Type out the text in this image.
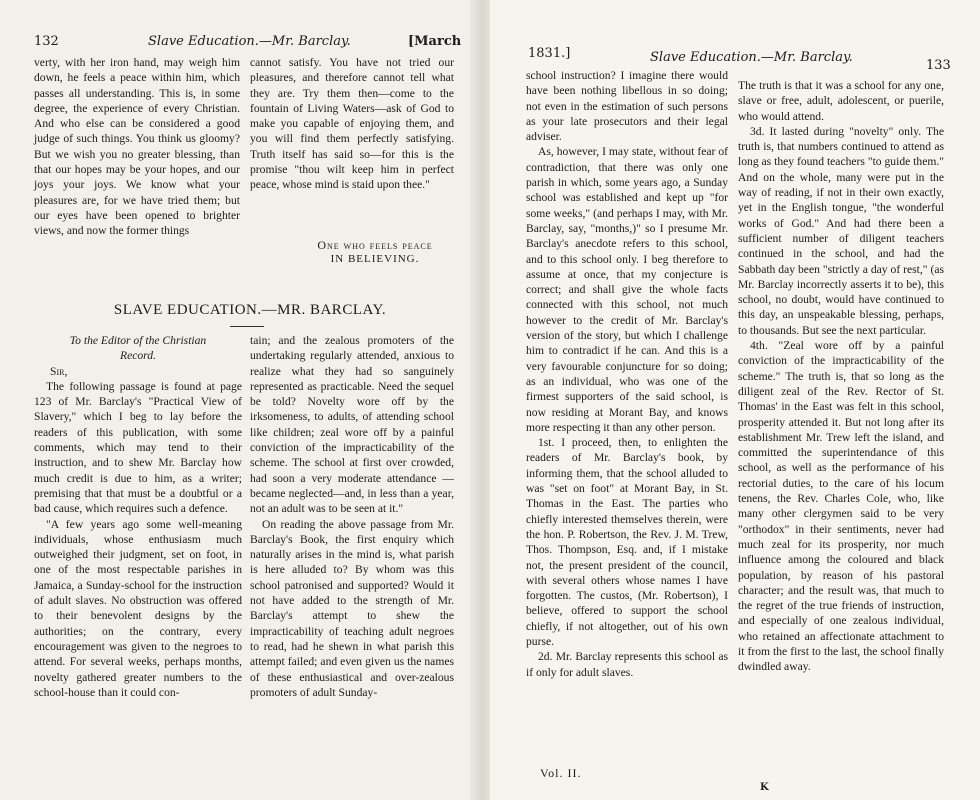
132	Slave Education.—Mr. Barclay.	[March

verty, with her iron hand, may weigh him down, he feels a peace within him, which passes all understanding. This is, in some degree, the experience of every Christian. And who else can be considered a good judge of such things. You think us gloomy? But we wish you no greater blessing, than that our hopes may be your hopes, and our joys your joys. We know what your pleasures are, for we have tried them; but our eyes have been opened to brighter views, and now the former things

cannot satisfy. You have not tried our pleasures, and therefore cannot tell what they are. Try them then—come to the fountain of Living Waters—ask of God to make you capable of enjoying them, and you will find them perfectly satisfying. Truth itself has said so—for this is the promise "thou wilt keep him in perfect peace, whose mind is staid upon thee."

One who feels peace
IN BELIEVING.
SLAVE EDUCATION.—MR. BARCLAY.

To the Editor of the Christian

Record.

Sir,

The following passage is found at page 123 of Mr. Barclay's "Practical View of Slavery," which I beg to lay before the readers of this publication, with some comments, which may tend to their instruction, and to shew Mr. Barclay how much credit is due to him, as a writer; premising that that must be a doubtful or a bad cause, which requires such a defence.

"A few years ago some well-meaning individuals, whose enthusiasm much outweighed their judgment, set on foot, in one of the most respectable parishes in Jamaica, a Sunday-school for the instruction of adult slaves. No obstruction was offered to their benevolent designs by the authorities; on the contrary, every encouragement was given to the negroes to attend. For several weeks, perhaps months, novelty gathered greater numbers to the school-house than it could con-

tain; and the zealous promoters of the undertaking regularly attended, anxious to realize what they had so sanguinely represented as practicable. Need the sequel be told? Novelty wore off by the irksomeness, to adults, of attending school like children; zeal wore off by a painful conviction of the impracticability of the scheme. The school at first over crowded, had soon a very moderate attendance — became neglected—and, in less than a year, not an adult was to be seen at it."

On reading the above passage from Mr. Barclay's Book, the first enquiry which naturally arises in the mind is, what parish is here alluded to? By whom was this school patronised and supported? Would it not have added to the strength of Mr. Barclay's attempt to shew the impracticability of teaching adult negroes to read, had he shewn in what parish this attempt failed; and even given us the names of these enthusiastical and over-zealous promoters of adult Sunday-

1831.]	Slave Education.—Mr. Barclay.
133

school instruction? I imagine there would have been nothing libellous in so doing; not even in the estimation of such persons as your late prosecutors and their legal adviser.

As, however, I may state, without fear of contradiction, that there was only one parish in which, some years ago, a Sunday school was established and kept up "for some weeks," (and perhaps I may, with Mr. Barclay, say, "months,)" so I presume Mr. Barclay's anecdote refers to this school, and to this school only. I beg therefore to assume at once, that my conjecture is correct; and shall give the whole facts connected with this school, not much however to the credit of Mr. Barclay's version of the story, but which I challenge him to contradict if he can. And this is a very favourable conjuncture for so doing; as an individual, who was one of the firmest supporters of the said school, is now residing at Morant Bay, and knows more respecting it than any other person.

1st. I proceed, then, to enlighten the readers of Mr. Barclay's book, by informing them, that the school alluded to was "set on foot" at Morant Bay, in St. Thomas in the East. The parties who chiefly interested themselves therein, were the hon. P. Robertson, the Rev. J. M. Trew, Thos. Thompson, Esq. and, if I mistake not, the present president of the council, with several others whose names I have forgotten. The custos, (Mr. Robertson), I believe, offered to support the school chiefly, if not altogether, out of his own purse.

2d. Mr. Barclay represents this school as if only for adult slaves.

The truth is that it was a school for any one, slave or free, adult, adolescent, or puerile, who would attend.

3d. It lasted during "novelty" only. The truth is, that numbers continued to attend as long as they found teachers "to guide them." And on the whole, many were put in the way of reading, if not in their own exactly, yet in the English tongue, "the wonderful works of God." And had there been a sufficient number of diligent teachers continued in the school, and had the Sabbath day been "strictly a day of rest," (as Mr. Barclay incorrectly asserts it to be), this school, no doubt, would have continued to this day, an unspeakable blessing, perhaps, to thousands. But see the next particular.

4th. "Zeal wore off by a painful conviction of the impracticability of the scheme." The truth is, that so long as the diligent zeal of the Rev. Rector of St. Thomas' in the East was felt in this school, prosperity attended it. But not long after its establishment Mr. Trew left the island, and committed the superintendance of this school, as well as the performance of his rectorial duties, to the care of his locum tenens, the Rev. Charles Cole, who, like many other clergymen said to be very "orthodox" in their sentiments, never had much zeal for its prosperity, nor much influence among the coloured and black population, by reason of his pastoral character; and the result was, that much to the regret of the true friends of instruction, and especially of one zealous individual, who retained an affectionate attachment to it from the first to the last, the school finally dwindled away.

Vol. II.
K
